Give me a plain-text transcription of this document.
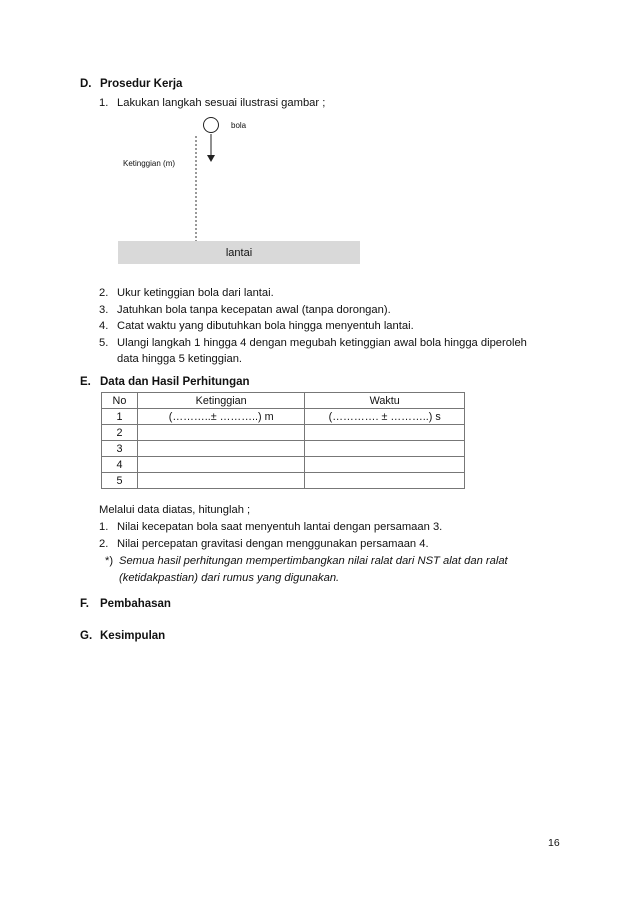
D. Prosedur Kerja
1. Lakukan langkah sesuai ilustrasi gambar ;
bola
Ketinggian (m)
lantai
2. Ukur ketinggian bola dari lantai.
3. Jatuhkan bola tanpa kecepatan awal (tanpa dorongan).
4. Catat waktu yang dibutuhkan bola hingga menyentuh lantai.
5. Ulangi langkah 1 hingga 4 dengan megubah ketinggian awal bola hingga diperoleh
data hingga 5 ketinggian.
E. Data dan Hasil Perhitungan
No	Ketinggian	Waktu
1	(………..± ………..) m	(…………. ± ………..) s
2		
3		
4		
5		
Melalui data diatas, hitunglah ;
1. Nilai kecepatan bola saat menyentuh lantai dengan persamaan 3.
2. Nilai percepatan gravitasi dengan menggunakan persamaan 4.
*) Semua hasil perhitungan mempertimbangkan nilai ralat dari NST alat dan ralat
(ketidakpastian) dari rumus yang digunakan.
F. Pembahasan
G. Kesimpulan
16
